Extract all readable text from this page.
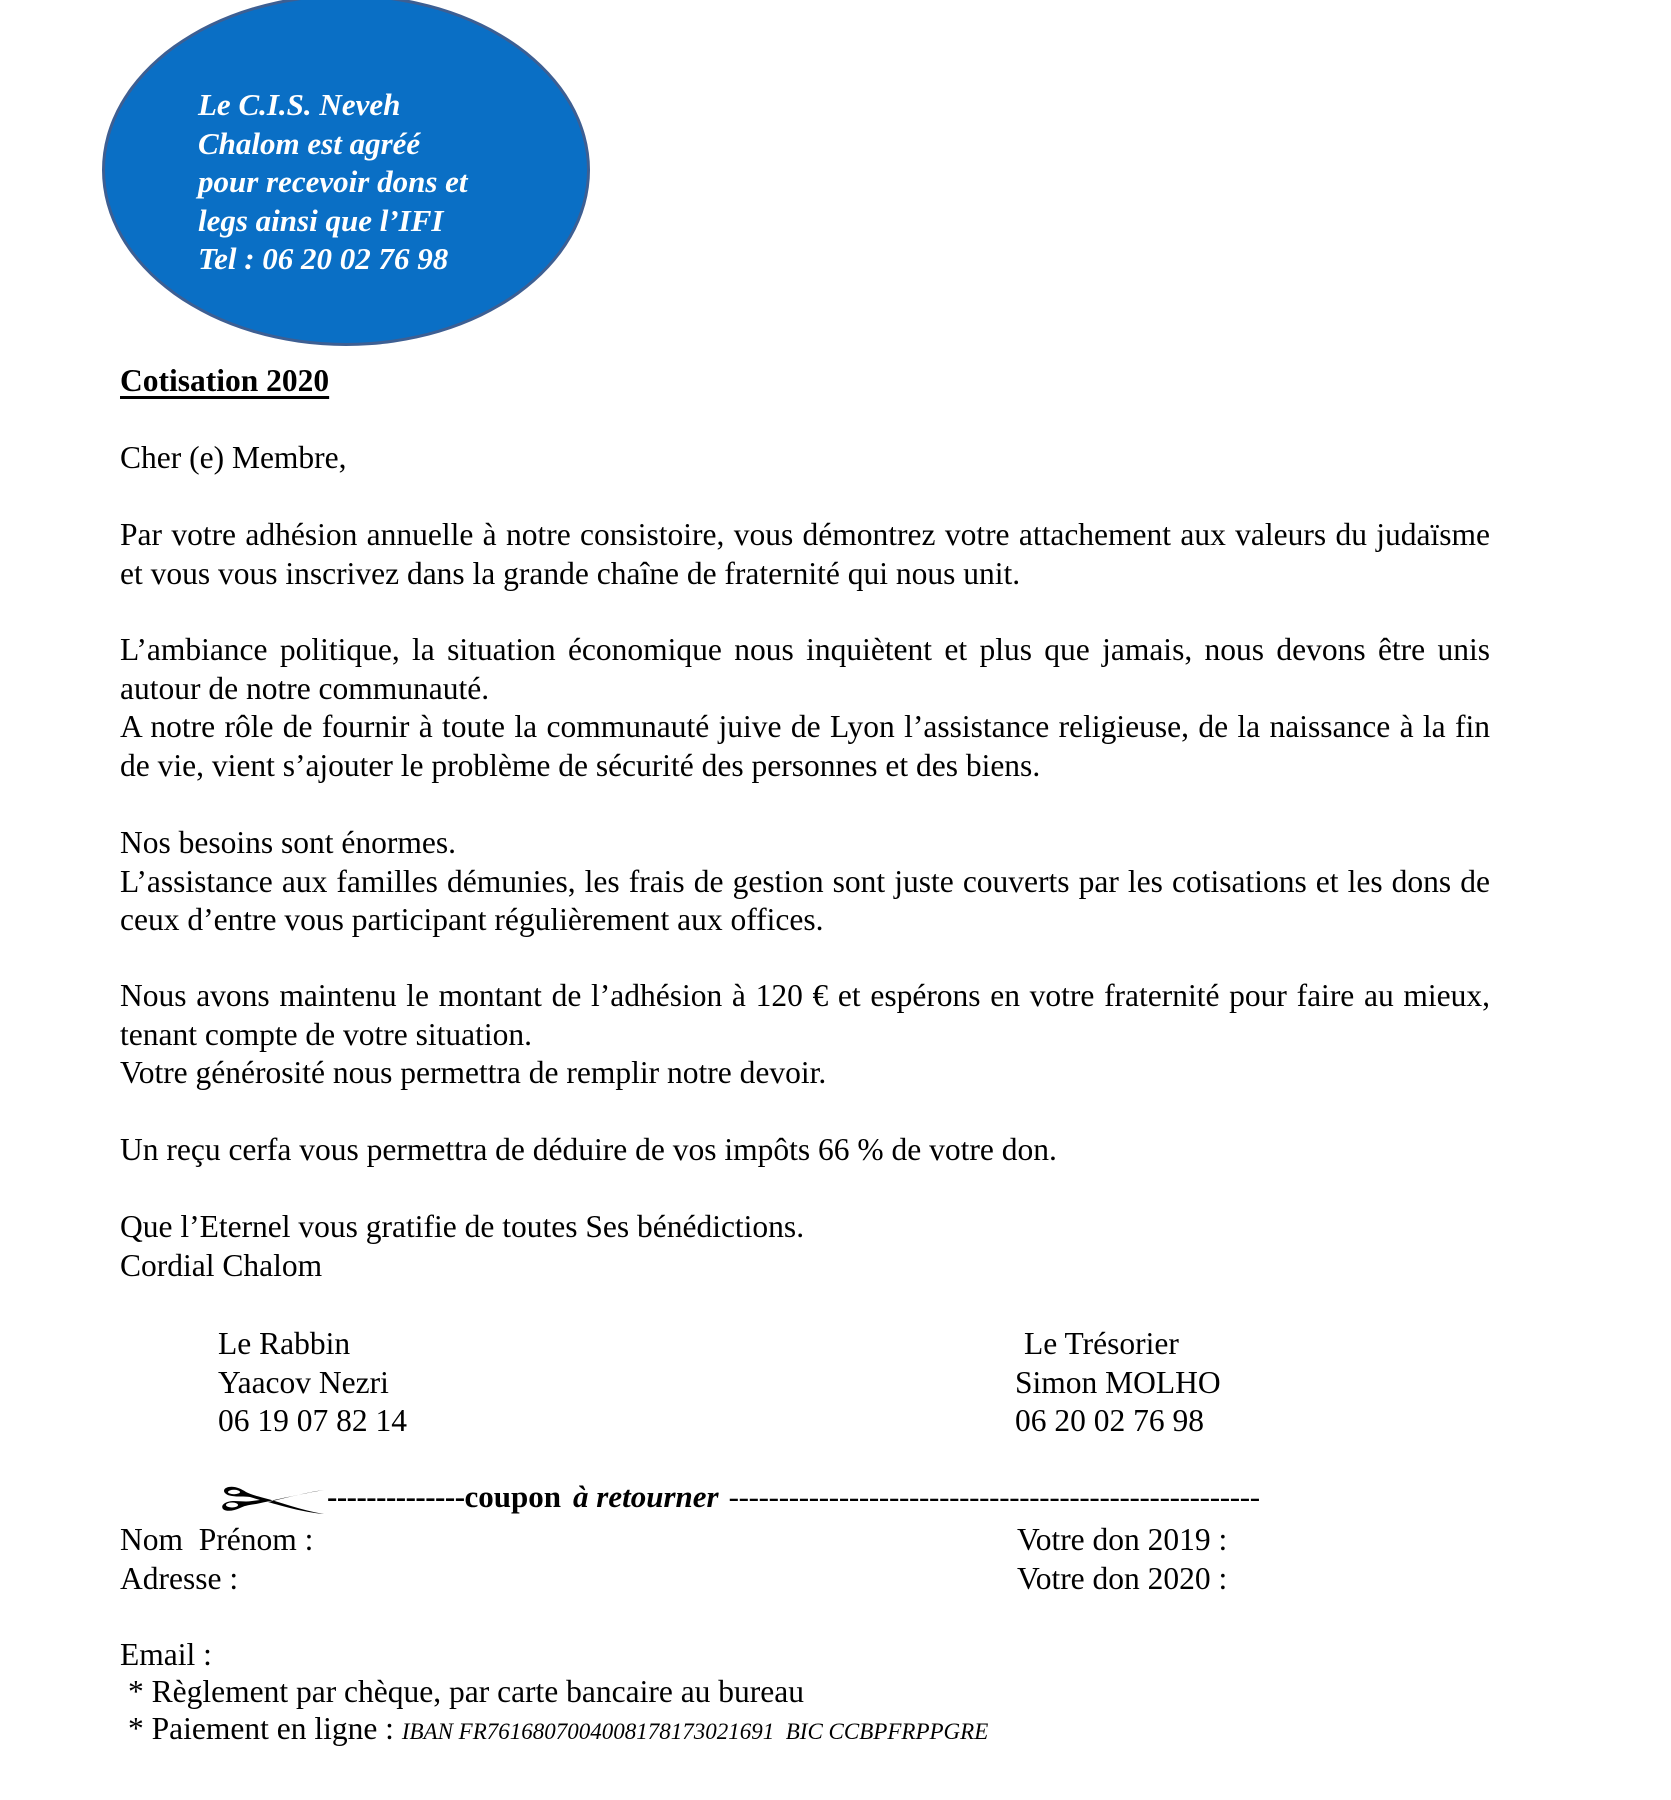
Le C.I.S. Neveh
Chalom est agréé
pour recevoir dons et
legs ainsi que l’IFI
Tel : 06 20 02 76 98
Cotisation 2020
Cher (e) Membre,
Par votre adhésion annuelle à notre consistoire, vous démontrez votre attachement aux valeurs du judaïsme et vous vous inscrivez dans la grande chaîne de fraternité qui nous unit.
L’ambiance politique, la situation économique nous inquiètent et plus que jamais, nous devons être unis autour de notre communauté.
A notre rôle de fournir à toute la communauté juive de Lyon l’assistance religieuse, de la naissance à la fin de vie, vient s’ajouter le problème de sécurité des personnes et des biens.
Nos besoins sont énormes.
L’assistance aux familles démunies, les frais de gestion sont juste couverts par les cotisations et les dons de ceux d’entre vous participant régulièrement aux offices.
Nous avons maintenu le montant de l’adhésion à 120 € et espérons en votre fraternité pour faire au mieux, tenant compte de votre situation.
Votre générosité nous permettra de remplir notre devoir.
Un reçu cerfa vous permettra de déduire de vos impôts 66 % de votre don.
Que l’Eternel vous gratifie de toutes Ses bénédictions.
Cordial Chalom
Le Rabbin
Yaacov Nezri
06 19 07 82 14
Le Trésorier
Simon MOLHO
06 20 02 76 98
-------------- coupon à retourner -----------------------------------------------------
Nom  Prénom :
Adresse :
Votre don 2019 :
Votre don 2020 :
Email :
* Règlement par chèque, par carte bancaire au bureau
* Paiement en ligne : IBAN FR7616807004008178173021691  BIC CCBPFRPPGRE
